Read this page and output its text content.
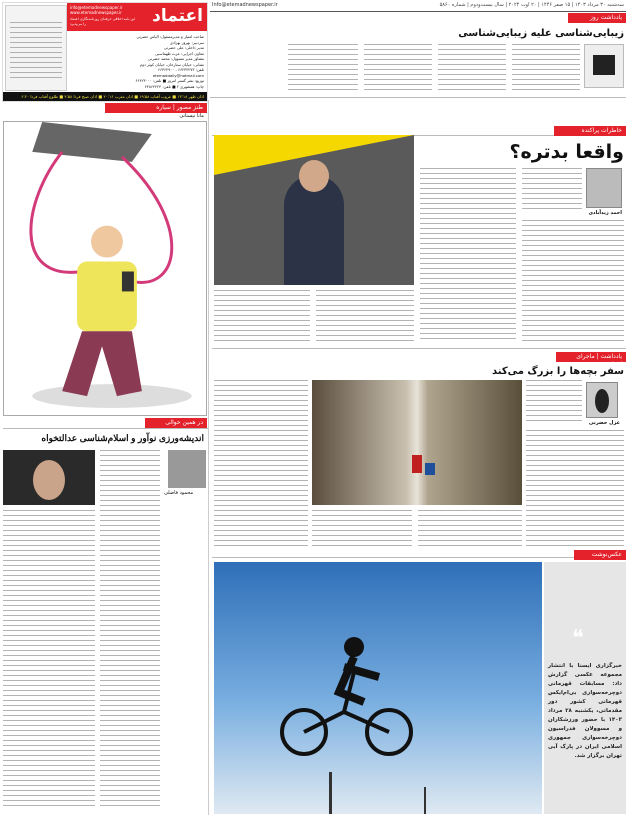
سه‌شنبه ۳۰ مرداد ۱۴۰۳ | ۱۵ صفر ۱۴۴۶ | ۲۰ اوت ۲۰۲۴ | سال بیست‌ودوم | شماره ۵۸۶۰
Info@etemadnewspaper.ir
اعتماد
info@etemadnewspaper.ir
www.etemadnewspaper.ir
این نامه اخلاقی حرفه‌ای روزنامه‌نگاری اعتماد را می‌پذیرد
صاحب امتیاز و مدیرمسئول: الیاس حضرتی
سردبیر: بهروز بهزادی
مدیر داخلی: علی حضرتی
معاون اجرایی: عزت طهماسبی
مشاور مدیر مسوول: محمد حضرتی
نشانی: خیابان ستارخان، خیابان کوثر دوم
تلفن: ۶۶۲۳۴۲۷۳ - ۶۶۳۶۴۹۰۰
etemaddaily@hotmail.com
توزیع: نشر گستر امروز ■ تلفن: ۶۶۴۲۳۰۰۰
چاپ: همشهری ۲ ■ تلفن: ۴۴۸۶۴۲۴۴
اذان ظهر ۱۳:۱۸ ■ غروب آفتاب ۱۹:۵۸ ■ اذان مغرب ۲۰:۱۶ ■ اذان صبح فردا ۴:۵۸ ■ طلوع آفتاب فردا ۶:۲۰
یادداشت روز
زیبایی‌شناسی علیه زیبایی‌شناسی
طنز مصور | سیاره
مانا نیستانی
در همین حوالی
اندیشه‌ورزی نوآور و اسلام‌شناسی عدالتخواه
محمود فاضلی
خاطرات پراکنده
واقعا بدتره؟
احمد زیدآبادی
یادداشت | ماجرای کودکی
سفر بچه‌ها را بزرگ می‌کند
غزل حضرتی
عکس‌نوشت
❝
خبرگزاری ایسنا با انتشار مجموعه عکسی گزارش داد: مسابقات قهرمانی دوچرخه‌سواری بی‌ام‌ایکس قهرمانی کشور دور مقدماتی، یکشنبه ۲۸ مرداد ۱۴۰۳ با حضور ورزشکاران و مسوولان فدراسیون دوچرخه‌سواری جمهوری اسلامی ایران در پارک آبی تهران برگزار شد.
